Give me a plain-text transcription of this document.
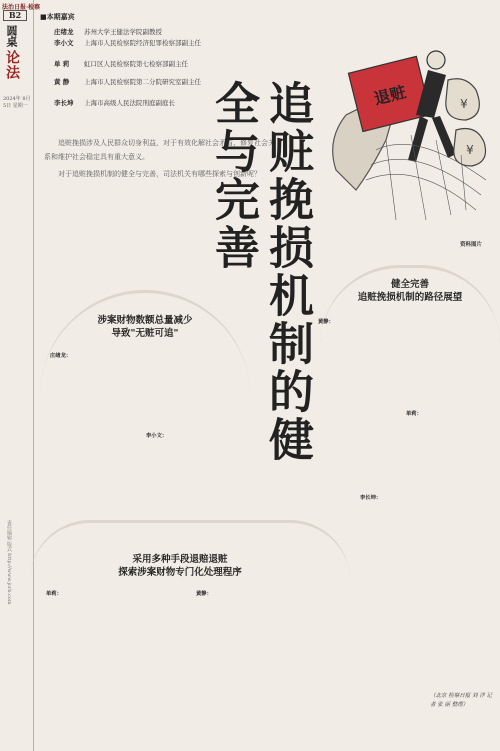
法治日报·检察
B2
圆桌
论法
2024年 8月5日 星期一
责任编辑 版式 http://www.jcrb.com
■本期嘉宾
庄绪龙	苏州大学王健法学院副教授
李小文	上海市人民检察院经济犯罪检察部副主任
单 莉	虹口区人民检察院第七检察部副主任
黄 静	上海市人民检察院第二分院研究室副主任
李长坤	上海市高级人民法院刑庭副庭长

追赃挽损涉及人民群众切身利益，对于有效化解社会矛盾、修复社会关系和维护社会稳定具有重大意义。

对于追赃挽损机制的健全与完善，司法机关有哪些探索与创新呢？ 追赃挽损机制的健全与完善	退赃	¥
¥
资料图片
涉案财物数额总量减少
导致"无赃可追"
庄绪龙：
李小文：
采用多种手段退赔退赃
探索涉案财物专门化处理程序
单莉：	黄静：
健全完善
追赃挽损机制的路径展望
黄静：
单莉：
李长坤：
（北京 检察日报 刘 洋 记者 张 丽 整理）
